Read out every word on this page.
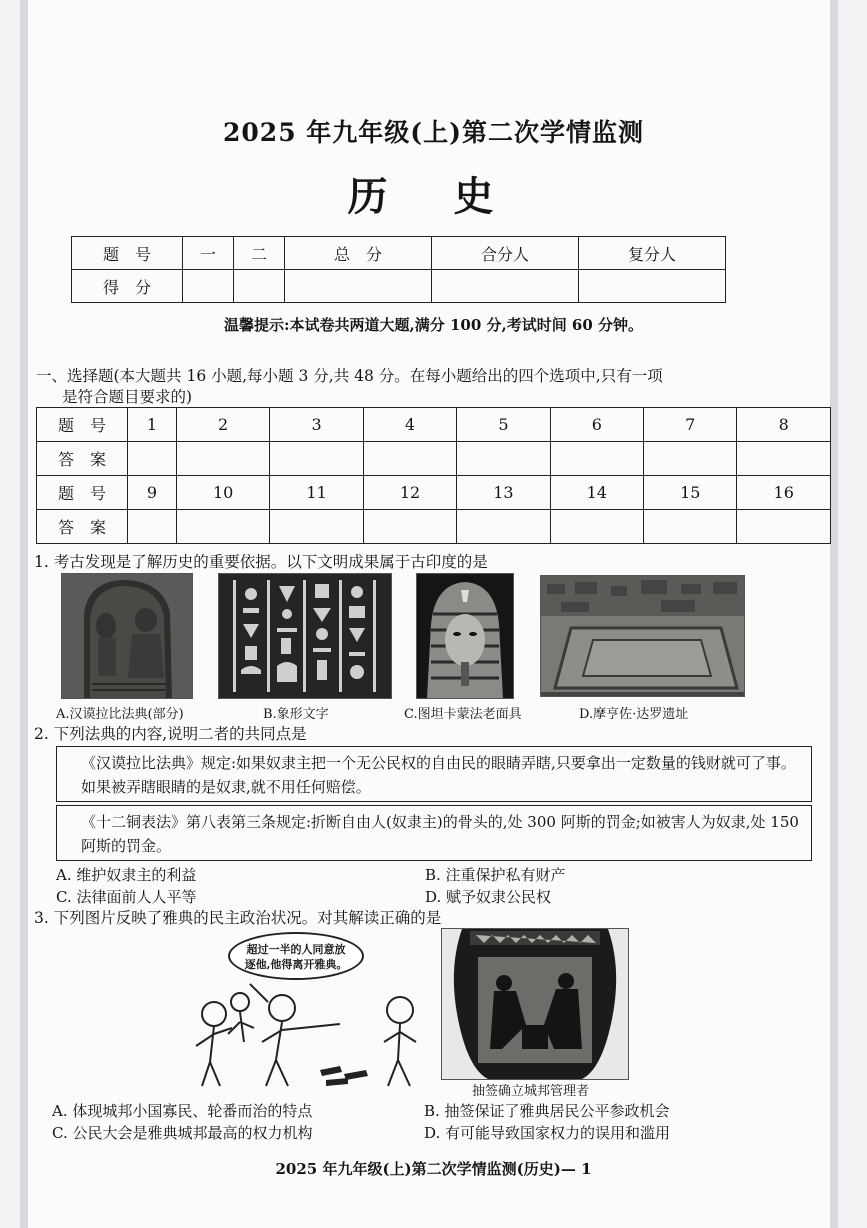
2025 年九年级(上)第二次学情监测
历 史
题　号	一	二	总　分	合分人	复分人
得　分					
温馨提示:本试卷共两道大题,满分 100 分,考试时间 60 分钟。
一、选择题(本大题共 16 小题,每小题 3 分,共 48 分。在每小题给出的四个选项中,只有一项
是符合题目要求的)
题　号	1	2	3	4	5	6	7	8
答　案								
题　号	9	10	11	12	13	14	15	16
答　案								
1. 考古发现是了解历史的重要依据。以下文明成果属于古印度的是
A.汉谟拉比法典(部分)	B.象形文字	C.图坦卡蒙法老面具	D.摩亨佐·达罗遗址
2. 下列法典的内容,说明二者的共同点是
《汉谟拉比法典》规定:如果奴隶主把一个无公民权的自由民的眼睛弄瞎,只要拿出一定数量的钱财就可了事。如果被弄瞎眼睛的是奴隶,就不用任何赔偿。
《十二铜表法》第八表第三条规定:折断自由人(奴隶主)的骨头的,处 300 阿斯的罚金;如被害人为奴隶,处 150 阿斯的罚金。
A. 维护奴隶主的利益	B. 注重保护私有财产
C. 法律面前人人平等	D. 赋予奴隶公民权
3. 下列图片反映了雅典的民主政治状况。对其解读正确的是
超过一半的人同意放
逐他,他得离开雅典。
抽签确立城邦管理者
A. 体现城邦小国寡民、轮番而治的特点	B. 抽签保证了雅典居民公平参政机会
C. 公民大会是雅典城邦最高的权力机构	D. 有可能导致国家权力的误用和滥用
2025 年九年级(上)第二次学情监测(历史)— 1
